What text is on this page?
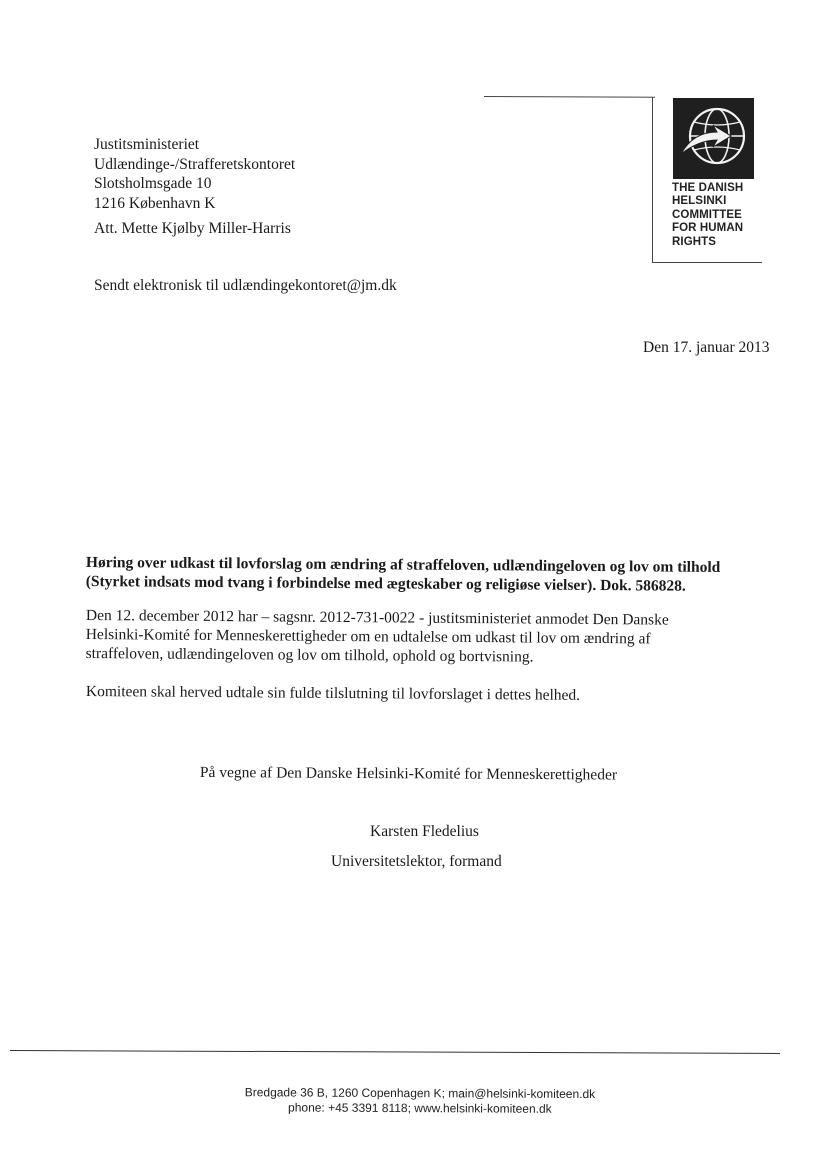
THE DANISH
HELSINKI
COMMITTEE
FOR HUMAN
RIGHTS
Justitsministeriet
Udlændinge-/Strafferetskontoret
Slotsholmsgade 10
1216 København K
Att. Mette Kjølby Miller-Harris
Sendt elektronisk til udlændingekontoret@jm.dk
Den 17. januar 2013
Høring over udkast til lovforslag om ændring af straffeloven, udlændingeloven og lov om tilhold
(Styrket indsats mod tvang i forbindelse med ægteskaber og religiøse vielser). Dok. 586828.
Den 12. december 2012 har – sagsnr. 2012-731-0022 - justitsministeriet anmodet Den Danske
Helsinki-Komité for Menneskerettigheder om en udtalelse om udkast til lov om ændring af
straffeloven, udlændingeloven og lov om tilhold, ophold og bortvisning.
Komiteen skal herved udtale sin fulde tilslutning til lovforslaget i dettes helhed.
På vegne af Den Danske Helsinki-Komité for Menneskerettigheder
Karsten Fledelius
Universitetslektor, formand
Bredgade 36 B, 1260 Copenhagen K; main@helsinki-komiteen.dk
phone: +45 3391 8118; www.helsinki-komiteen.dk
